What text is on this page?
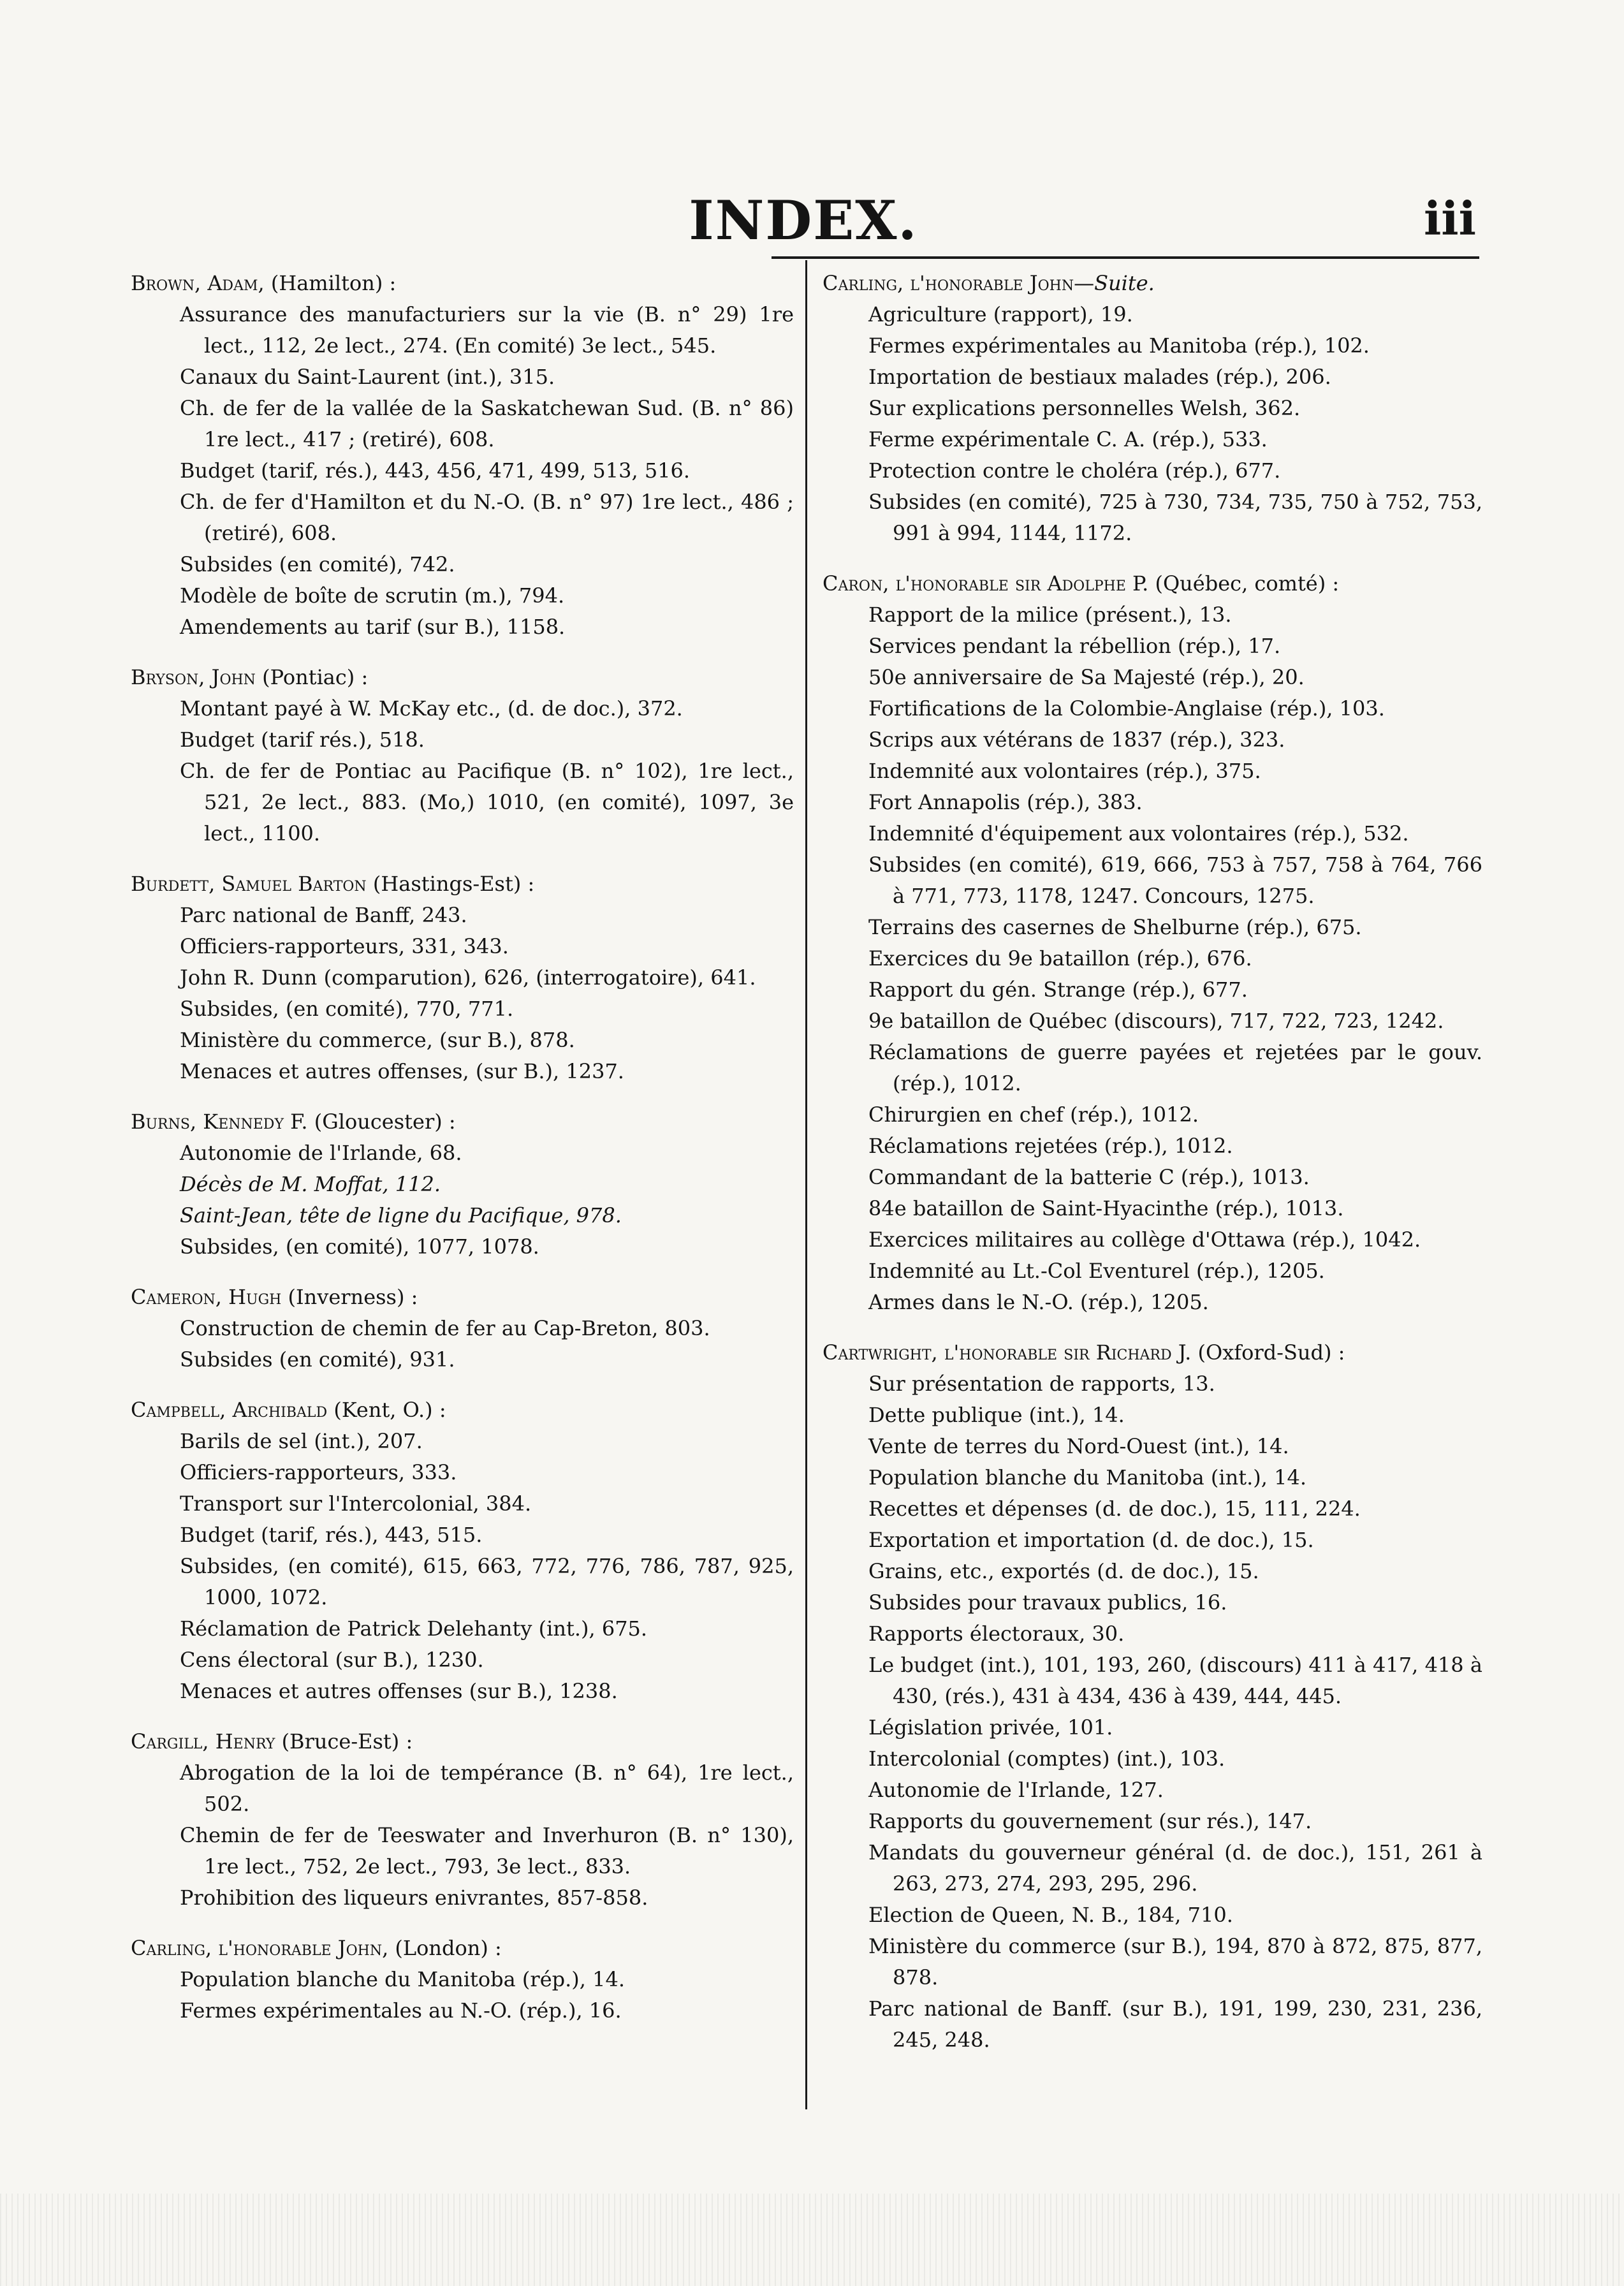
INDEX.	iii
Brown, Adam, (Hamilton) :
Assurance des manufacturiers sur la vie (B. n° 29) 1re lect., 112, 2e lect., 274. (En comité) 3e lect., 545.
Canaux du Saint-Laurent (int.), 315.
Ch. de fer de la vallée de la Saskatchewan Sud. (B. n° 86) 1re lect., 417 ; (retiré), 608.
Budget (tarif, rés.), 443, 456, 471, 499, 513, 516.
Ch. de fer d'Hamilton et du N.-O. (B. n° 97) 1re lect., 486 ; (retiré), 608.
Subsides (en comité), 742.
Modèle de boîte de scrutin (m.), 794.
Amendements au tarif (sur B.), 1158.
Bryson, John (Pontiac) :
Montant payé à W. McKay etc., (d. de doc.), 372.
Budget (tarif rés.), 518.
Ch. de fer de Pontiac au Pacifique (B. n° 102), 1re lect., 521, 2e lect., 883. (Mo,) 1010, (en comité), 1097, 3e lect., 1100.
Burdett, Samuel Barton (Hastings-Est) :
Parc national de Banff, 243.
Officiers-rapporteurs, 331, 343.
John R. Dunn (comparution), 626, (interrogatoire), 641.
Subsides, (en comité), 770, 771.
Ministère du commerce, (sur B.), 878.
Menaces et autres offenses, (sur B.), 1237.
Burns, Kennedy F. (Gloucester) :
Autonomie de l'Irlande, 68.
Décès de M. Moffat, 112.
Saint-Jean, tête de ligne du Pacifique, 978.
Subsides, (en comité), 1077, 1078.
Cameron, Hugh (Inverness) :
Construction de chemin de fer au Cap-Breton, 803.
Subsides (en comité), 931.
Campbell, Archibald (Kent, O.) :
Barils de sel (int.), 207.
Officiers-rapporteurs, 333.
Transport sur l'Intercolonial, 384.
Budget (tarif, rés.), 443, 515.
Subsides, (en comité), 615, 663, 772, 776, 786, 787, 925, 1000, 1072.
Réclamation de Patrick Delehanty (int.), 675.
Cens électoral (sur B.), 1230.
Menaces et autres offenses (sur B.), 1238.
Cargill, Henry (Bruce-Est) :
Abrogation de la loi de tempérance (B. n° 64), 1re lect., 502.
Chemin de fer de Teeswater and Inverhuron (B. n° 130), 1re lect., 752, 2e lect., 793, 3e lect., 833.
Prohibition des liqueurs enivrantes, 857-858.
Carling, l'honorable John, (London) :
Population blanche du Manitoba (rép.), 14.
Fermes expérimentales au N.-O. (rép.), 16.
Carling, l'honorable John—Suite.
Agriculture (rapport), 19.
Fermes expérimentales au Manitoba (rép.), 102.
Importation de bestiaux malades (rép.), 206.
Sur explications personnelles Welsh, 362.
Ferme expérimentale C. A. (rép.), 533.
Protection contre le choléra (rép.), 677.
Subsides (en comité), 725 à 730, 734, 735, 750 à 752, 753, 991 à 994, 1144, 1172.
Caron, l'honorable sir Adolphe P. (Québec, comté) :
Rapport de la milice (présent.), 13.
Services pendant la rébellion (rép.), 17.
50e anniversaire de Sa Majesté (rép.), 20.
Fortifications de la Colombie-Anglaise (rép.), 103.
Scrips aux vétérans de 1837 (rép.), 323.
Indemnité aux volontaires (rép.), 375.
Fort Annapolis (rép.), 383.
Indemnité d'équipement aux volontaires (rép.), 532.
Subsides (en comité), 619, 666, 753 à 757, 758 à 764, 766 à 771, 773, 1178, 1247. Concours, 1275.
Terrains des casernes de Shelburne (rép.), 675.
Exercices du 9e bataillon (rép.), 676.
Rapport du gén. Strange (rép.), 677.
9e bataillon de Québec (discours), 717, 722, 723, 1242.
Réclamations de guerre payées et rejetées par le gouv. (rép.), 1012.
Chirurgien en chef (rép.), 1012.
Réclamations rejetées (rép.), 1012.
Commandant de la batterie C (rép.), 1013.
84e bataillon de Saint-Hyacinthe (rép.), 1013.
Exercices militaires au collège d'Ottawa (rép.), 1042.
Indemnité au Lt.-Col Eventurel (rép.), 1205.
Armes dans le N.-O. (rép.), 1205.
Cartwright, l'honorable sir Richard J. (Oxford-Sud) :
Sur présentation de rapports, 13.
Dette publique (int.), 14.
Vente de terres du Nord-Ouest (int.), 14.
Population blanche du Manitoba (int.), 14.
Recettes et dépenses (d. de doc.), 15, 111, 224.
Exportation et importation (d. de doc.), 15.
Grains, etc., exportés (d. de doc.), 15.
Subsides pour travaux publics, 16.
Rapports électoraux, 30.
Le budget (int.), 101, 193, 260, (discours) 411 à 417, 418 à 430, (rés.), 431 à 434, 436 à 439, 444, 445.
Législation privée, 101.
Intercolonial (comptes) (int.), 103.
Autonomie de l'Irlande, 127.
Rapports du gouvernement (sur rés.), 147.
Mandats du gouverneur général (d. de doc.), 151, 261 à 263, 273, 274, 293, 295, 296.
Election de Queen, N. B., 184, 710.
Ministère du commerce (sur B.), 194, 870 à 872, 875, 877, 878.
Parc national de Banff. (sur B.), 191, 199, 230, 231, 236, 245, 248.
